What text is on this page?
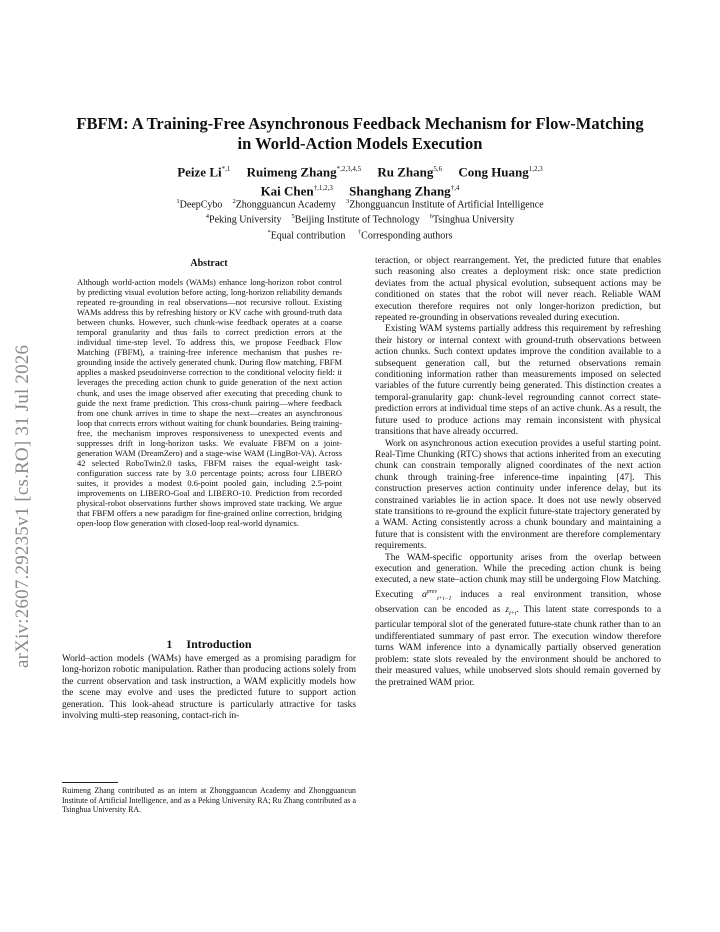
arXiv:2607.29235v1 [cs.RO] 31 Jul 2026
FBFM: A Training-Free Asynchronous Feedback Mechanism for Flow-Matching
in World-Action Models Execution
Peize $Li^{*,1}$ Ruimeng Zhang$^{*,2,3,4,5}$ Ru Zhang$^{5,6}$ Cong Huang$^{1,2,3}$
Kai Chen$^{\dagger,1,2,3}$ Shanghang Zhang$^{\dagger,4}$
$^1$DeepCybo $^2$Zhongguancun Academy $^3$Zhongguancun Institute of Artificial Intelligence
$^4$Peking University $^5$Beijing Institute of Technology $^6$Tsinghua University
*Equal contribution †Corresponding authors
Abstract

Although world-action models (WAMs) enhance long-horizon robot control by predicting visual evolution before acting, long-horizon reliability demands repeated re-grounding in real observations—not recursive rollout. Existing WAMs address this by refreshing history or KV cache with ground-truth data between chunks. However, such chunk-wise feedback operates at a coarse temporal granularity and thus fails to correct prediction errors at the individual time-step level. To address this, we propose Feedback Flow Matching (FBFM), a training-free inference mechanism that pushes re-grounding inside the actively generated chunk. During flow matching, FBFM applies a masked pseudoinverse correction to the conditional velocity field: it leverages the preceding action chunk to guide generation of the next action chunk, and uses the image observed after executing that preceding chunk to guide the next frame prediction. This cross-chunk pairing—where feedback from one chunk arrives in time to shape the next—creates an asynchronous loop that corrects errors without waiting for chunk boundaries. Being training-free, the mechanism improves responsiveness to unexpected events and suppresses drift in long-horizon tasks. We evaluate FBFM on a joint-generation WAM (DreamZero) and a stage-wise WAM (LingBot-VA). Across 42 selected RoboTwin2.0 tasks, FBFM raises the equal-weight task-configuration success rate by 3.0 percentage points; across four LIBERO suites, it provides a modest 0.6-point pooled gain, including 2.5-point improvements on LIBERO-Goal and LIBERO-10. Prediction from recorded physical-robot observations further shows improved state tracking. We argue that FBFM offers a new paradigm for fine-grained online correction, bridging open-loop flow generation with closed-loop real-world dynamics.

1 Introduction

World–action models (WAMs) have emerged as a promising paradigm for long-horizon robotic manipulation. Rather than producing actions solely from the current observation and task instruction, a WAM explicitly models how the scene may evolve and uses the predicted future to support action generation. This look-ahead structure is particularly attractive for tasks involving multi-step reasoning, contact-rich in-

Ruimeng Zhang contributed as an intern at Zhongguancun Academy and Zhongguancun Institute of Artificial Intelligence, and as a Peking University RA; Ru Zhang contributed as a Tsinghua University RA.

teraction, or object rearrangement. Yet, the predicted future that enables such reasoning also creates a deployment risk: once state prediction deviates from the actual physical evolution, subsequent actions may be conditioned on states that the robot will never reach. Reliable WAM execution therefore requires not only longer-horizon prediction, but repeated re-grounding in observations revealed during execution.

Existing WAM systems partially address this requirement by refreshing their history or internal context with ground-truth observations between action chunks. Such context updates improve the condition available to a subsequent generation call, but the returned observations remain conditioning information rather than measurements imposed on selected variables of the future currently being generated. This distinction creates a temporal-granularity gap: chunk-level regrounding cannot correct state-prediction errors at individual time steps of an active chunk. As a result, the future used to produce actions may remain inconsistent with physical transitions that have already occurred.

Work on asynchronous action execution provides a useful starting point. Real-Time Chunking (RTC) shows that actions inherited from an executing chunk can constrain temporally aligned coordinates of the next action chunk through training-free inference-time inpainting [47]. This construction preserves action continuity under inference delay, but its constrained variables lie in action space. It does not use newly observed state transitions to re-ground the explicit future-state trajectory generated by a WAM. Acting consistently across a chunk boundary and maintaining a future that is consistent with the environment are therefore complementary requirements.

The WAM-specific opportunity arises from the overlap between execution and generation. While the preceding action chunk is being executed, a new state–action chunk may still be undergoing Flow Matching. Executing $a^{prev}_{t+i-1}$ induces a real environment transition, whose observation can be encoded as $z_{t+i}$. This latent state corresponds to a particular temporal slot of the generated future-state chunk rather than to an undifferentiated summary of past error. The execution window therefore turns WAM inference into a dynamically partially observed generation problem: state slots revealed by the environment should be anchored to their measured values, while unobserved slots should remain governed by the pretrained WAM prior.
